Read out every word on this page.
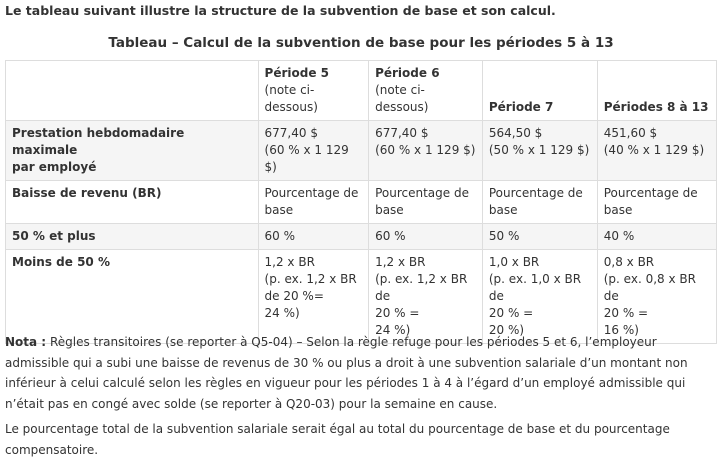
Le tableau suivant illustre la structure de la subvention de base et son calcul.
Tableau – Calcul de la subvention de base pour les périodes 5 à 13

	Période 5
(note ci-
dessous)	Période 6
(note ci-dessous)	Période 7	Périodes 8 à 13

Prestation hebdomadaire maximale
par employé	677,40 $
(60 % x 1 129 $)	677,40 $
(60 % x 1 129 $)	564,50 $
(50 % x 1 129 $)	451,60 $
(40 % x 1 129 $)

Baisse de revenu (BR)	Pourcentage de
base	Pourcentage de
base	Pourcentage de
base	Pourcentage de
base

50 % et plus	60 %	60 %	50 %	40 %

Moins de 50 %	1,2 x BR
(p. ex. 1,2 x BR
de 20 %=
24 %)	1,2 x BR
(p. ex. 1,2 x BR de
20 % =
24 %)	1,0 x BR
(p. ex. 1,0 x BR de
20 % =
20 %)	0,8 x BR
(p. ex. 0,8 x BR de
20 % =
16 %)
Nota : Règles transitoires (se reporter à Q5-04) – Selon la règle refuge pour les périodes 5 et 6, l’employeur admissible qui a subi une baisse de revenus de 30 % ou plus a droit à une subvention salariale d’un montant non inférieur à celui calculé selon les règles en vigueur pour les périodes 1 à 4 à l’égard d’un employé admissible qui n’était pas en congé avec solde (se reporter à Q20-03) pour la semaine en cause.
Le pourcentage total de la subvention salariale serait égal au total du pourcentage de base et du pourcentage compensatoire.
